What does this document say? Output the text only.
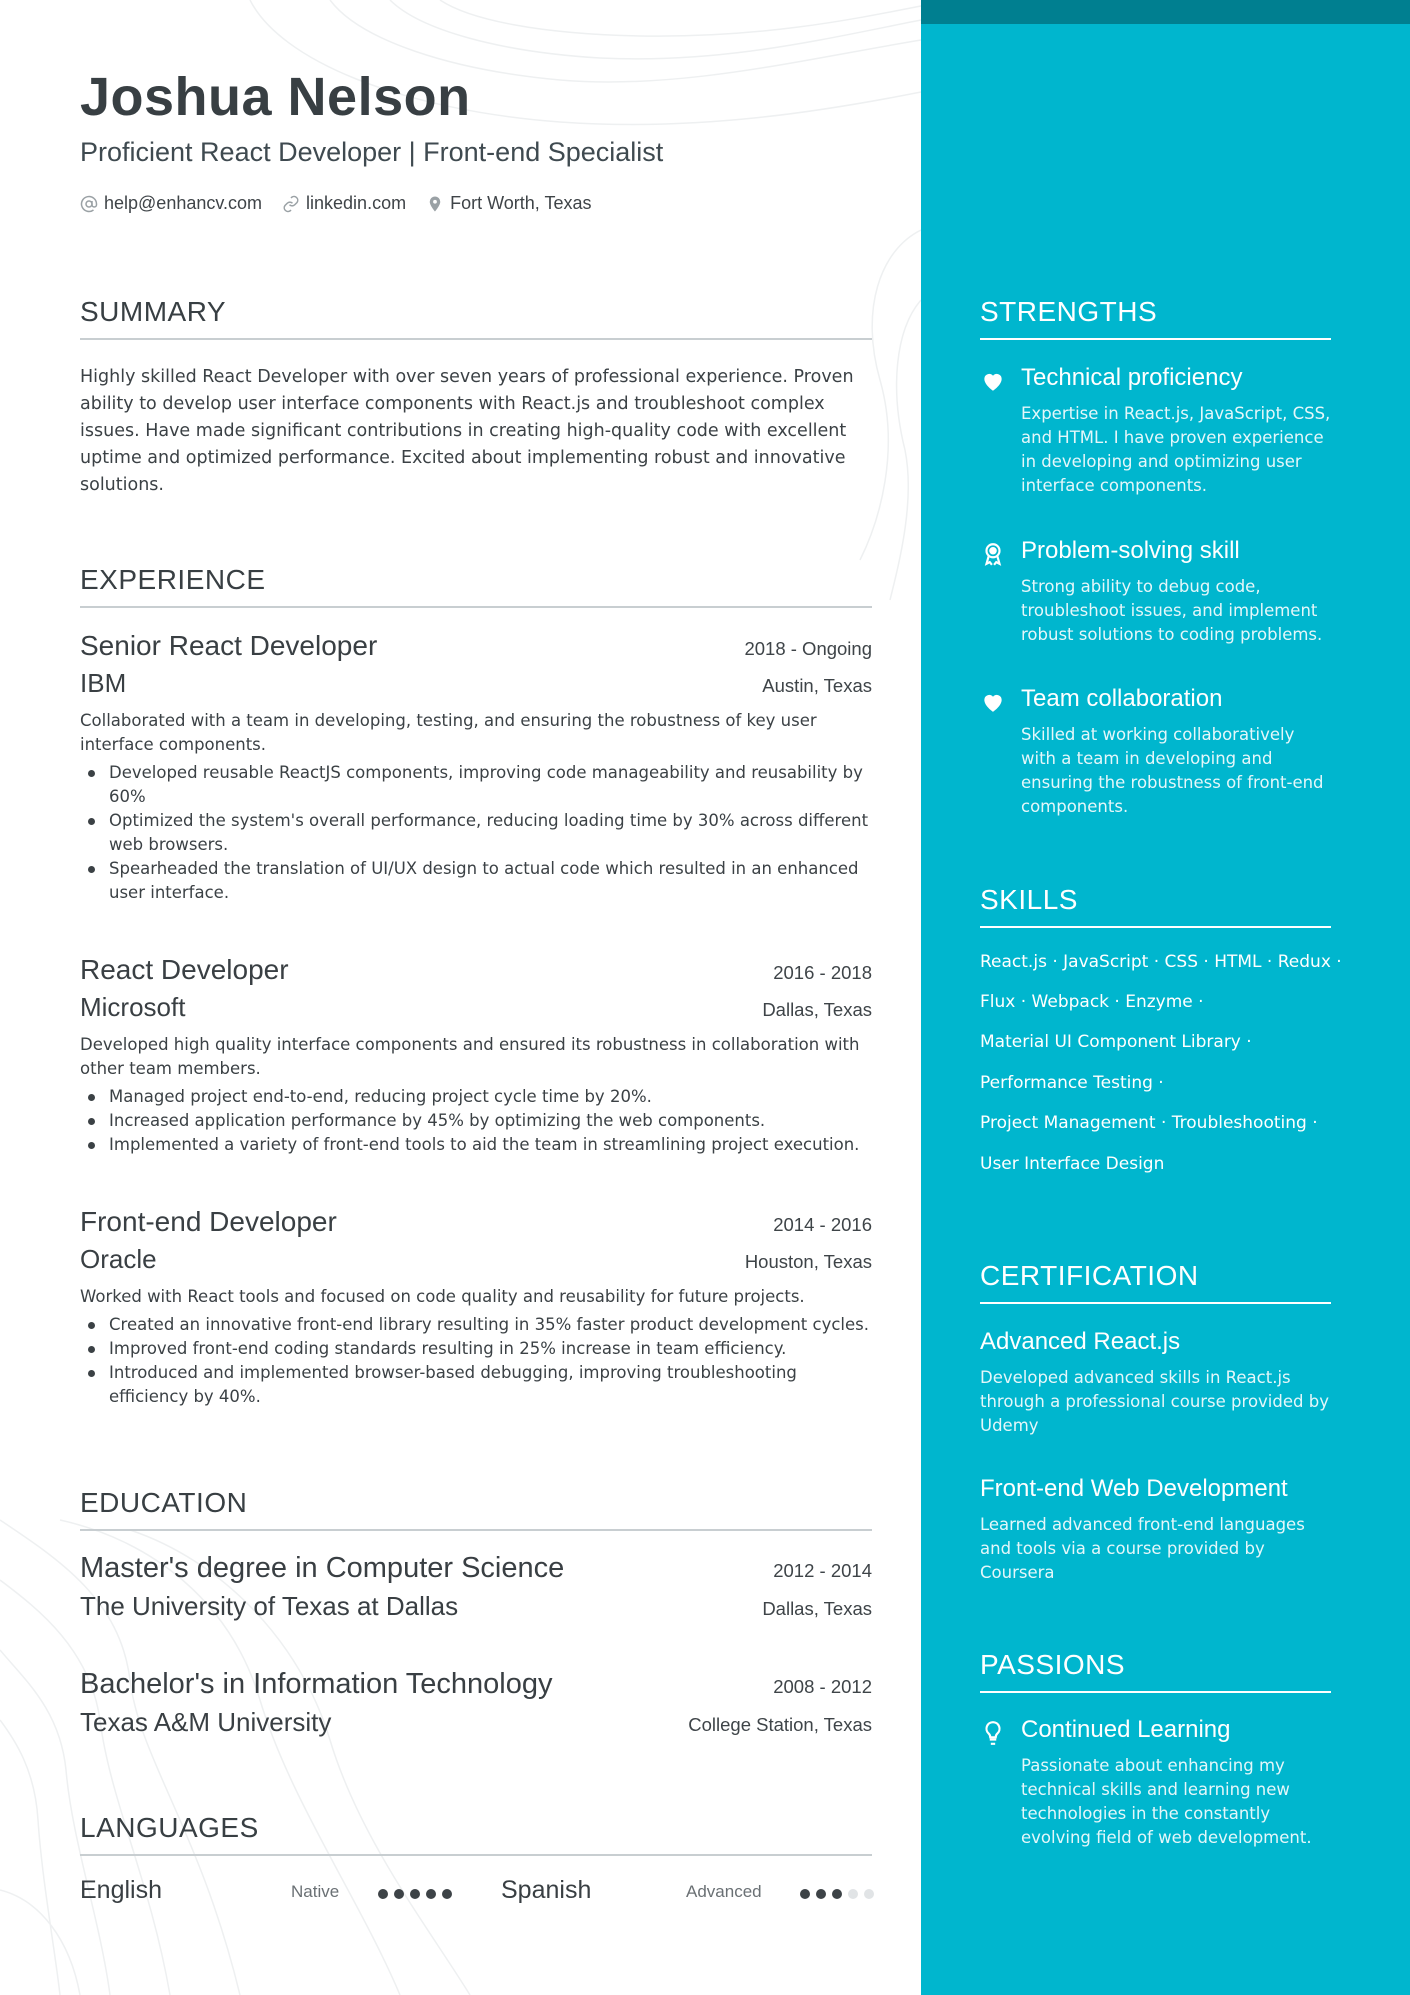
Joshua Nelson
Proficient React Developer | Front-end Specialist
help@enhancv.com linkedin.com Fort Worth, Texas
SUMMARY

Highly skilled React Developer with over seven years of professional experience. Proven ability to develop user interface components with React.js and troubleshoot complex issues. Have made significant contributions in creating high-quality code with excellent uptime and optimized performance. Excited about implementing robust and innovative solutions.

EXPERIENCE
Senior React Developer	2018 - Ongoing
IBM	Austin, Texas

Collaborated with a team in developing, testing, and ensuring the robustness of key user interface components.

Developed reusable ReactJS components, improving code manageability and reusability by 60%
Optimized the system's overall performance, reducing loading time by 30% across different web browsers.
Spearheaded the translation of UI/UX design to actual code which resulted in an enhanced user interface.
React Developer	2016 - 2018
Microsoft	Dallas, Texas

Developed high quality interface components and ensured its robustness in collaboration with other team members.

Managed project end-to-end, reducing project cycle time by 20%.
Increased application performance by 45% by optimizing the web components.
Implemented a variety of front-end tools to aid the team in streamlining project execution.
Front-end Developer	2014 - 2016
Oracle	Houston, Texas

Worked with React tools and focused on code quality and reusability for future projects.

Created an innovative front-end library resulting in 35% faster product development cycles.
Improved front-end coding standards resulting in 25% increase in team efficiency.
Introduced and implemented browser-based debugging, improving troubleshooting efficiency by 40%.
EDUCATION
Master's degree in Computer Science	2012 - 2014
The University of Texas at Dallas	Dallas, Texas
Bachelor's in Information Technology	2008 - 2012
Texas A&M University	College Station, Texas
LANGUAGES
English	Native	Spanish	Advanced
STRENGTHS
Technical proficiency
Expertise in React.js, JavaScript, CSS, and HTML. I have proven experience in developing and optimizing user interface components.
Problem-solving skill
Strong ability to debug code, troubleshoot issues, and implement robust solutions to coding problems.
Team collaboration
Skilled at working collaboratively with a team in developing and ensuring the robustness of front-end components.
SKILLS
React.js · JavaScript · CSS · HTML · Redux ·
Flux · Webpack · Enzyme ·
Material UI Component Library ·
Performance Testing ·
Project Management · Troubleshooting ·
User Interface Design
CERTIFICATION
Advanced React.js
Developed advanced skills in React.js through a professional course provided by Udemy
Front-end Web Development
Learned advanced front-end languages and tools via a course provided by Coursera
PASSIONS
Continued Learning
Passionate about enhancing my technical skills and learning new technologies in the constantly evolving field of web development.
